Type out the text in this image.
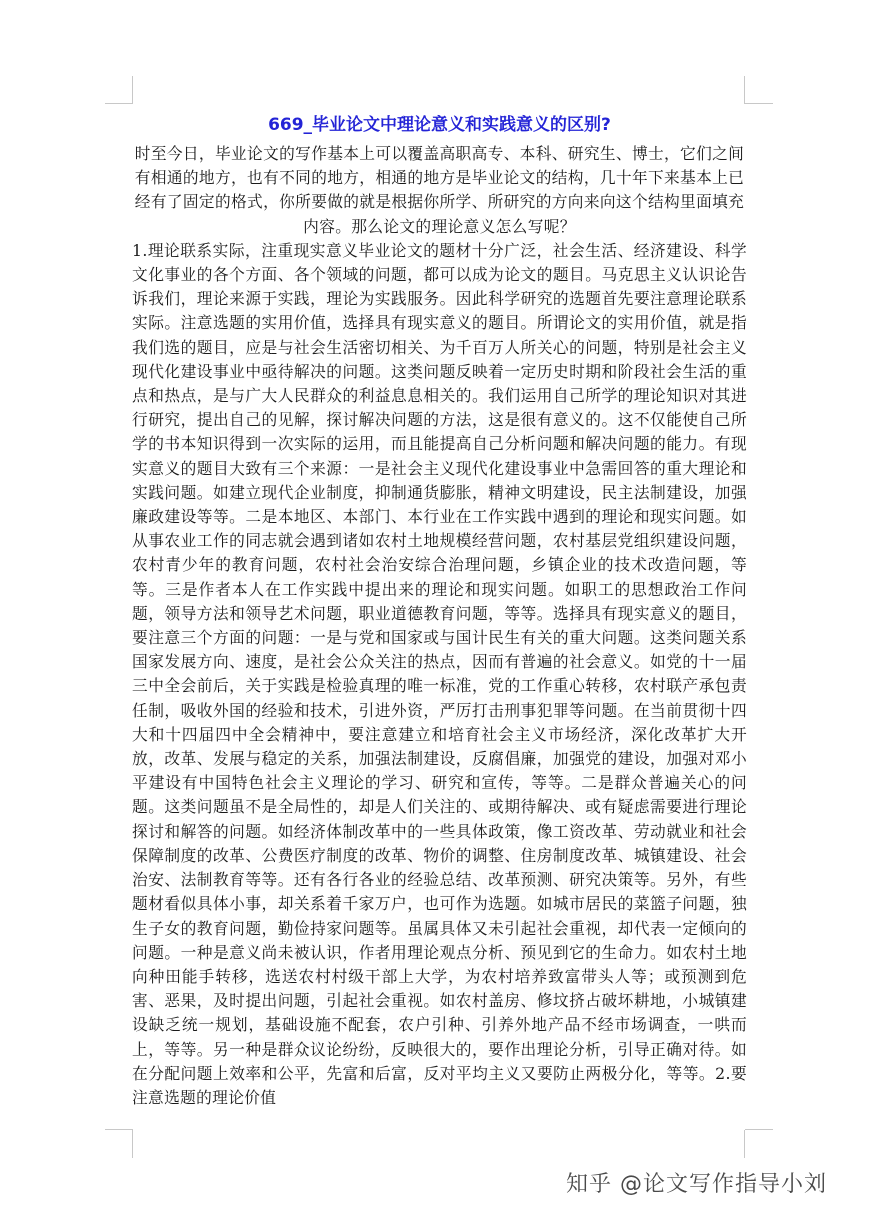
669_毕业论文中理论意义和实践意义的区别?

时至今日，毕业论文的写作基本上可以覆盖高职高专、本科、研究生、博士，它们之间有相通的地方，也有不同的地方，相通的地方是毕业论文的结构，几十年下来基本上已经有了固定的格式，你所要做的就是根据你所学、所研究的方向来向这个结构里面填充内容。那么论文的理论意义怎么写呢？

1.理论联系实际，注重现实意义毕业论文的题材十分广泛，社会生活、经济建设、科学文化事业的各个方面、各个领域的问题，都可以成为论文的题目。马克思主义认识论告诉我们，理论来源于实践，理论为实践服务。因此科学研究的选题首先要注意理论联系实际。注意选题的实用价值，选择具有现实意义的题目。所谓论文的实用价值，就是指我们选的题目，应是与社会生活密切相关、为千百万人所关心的问题，特别是社会主义现代化建设事业中亟待解决的问题。这类问题反映着一定历史时期和阶段社会生活的重点和热点，是与广大人民群众的利益息息相关的。我们运用自己所学的理论知识对其进行研究，提出自己的见解，探讨解决问题的方法，这是很有意义的。这不仅能使自己所学的书本知识得到一次实际的运用，而且能提高自己分析问题和解决问题的能力。有现实意义的题目大致有三个来源：一是社会主义现代化建设事业中急需回答的重大理论和实践问题。如建立现代企业制度，抑制通货膨胀，精神文明建设，民主法制建设，加强廉政建设等等。二是本地区、本部门、本行业在工作实践中遇到的理论和现实问题。如从事农业工作的同志就会遇到诸如农村土地规模经营问题，农村基层党组织建设问题，农村青少年的教育问题，农村社会治安综合治理问题，乡镇企业的技术改造问题，等等。三是作者本人在工作实践中提出来的理论和现实问题。如职工的思想政治工作问题，领导方法和领导艺术问题，职业道德教育问题，等等。选择具有现实意义的题目，要注意三个方面的问题：一是与党和国家或与国计民生有关的重大问题。这类问题关系国家发展方向、速度，是社会公众关注的热点，因而有普遍的社会意义。如党的十一届三中全会前后，关于实践是检验真理的唯一标准，党的工作重心转移，农村联产承包责任制，吸收外国的经验和技术，引进外资，严厉打击刑事犯罪等问题。在当前贯彻十四大和十四届四中全会精神中，要注意建立和培育社会主义市场经济，深化改革扩大开放，改革、发展与稳定的关系，加强法制建设，反腐倡廉，加强党的建设，加强对邓小平建设有中国特色社会主义理论的学习、研究和宣传，等等。二是群众普遍关心的问题。这类问题虽不是全局性的，却是人们关注的、或期待解决、或有疑虑需要进行理论探讨和解答的问题。如经济体制改革中的一些具体政策，像工资改革、劳动就业和社会保障制度的改革、公费医疗制度的改革、物价的调整、住房制度改革、城镇建设、社会治安、法制教育等等。还有各行各业的经验总结、改革预测、研究决策等。另外，有些题材看似具体小事，却关系着千家万户，也可作为选题。如城市居民的菜篮子问题，独生子女的教育问题，勤俭持家问题等。虽属具体又未引起社会重视，却代表一定倾向的问题。一种是意义尚未被认识，作者用理论观点分析、预见到它的生命力。如农村土地向种田能手转移，选送农村村级干部上大学，为农村培养致富带头人等；或预测到危害、恶果，及时提出问题，引起社会重视。如农村盖房、修坟挤占破坏耕地，小城镇建设缺乏统一规划，基础设施不配套，农户引种、引养外地产品不经市场调查，一哄而上，等等。另一种是群众议论纷纷，反映很大的，要作出理论分析，引导正确对待。如在分配问题上效率和公平，先富和后富，反对平均主义又要防止两极分化，等等。2.要注意选题的理论价值

知乎 @论文写作指导小刘
